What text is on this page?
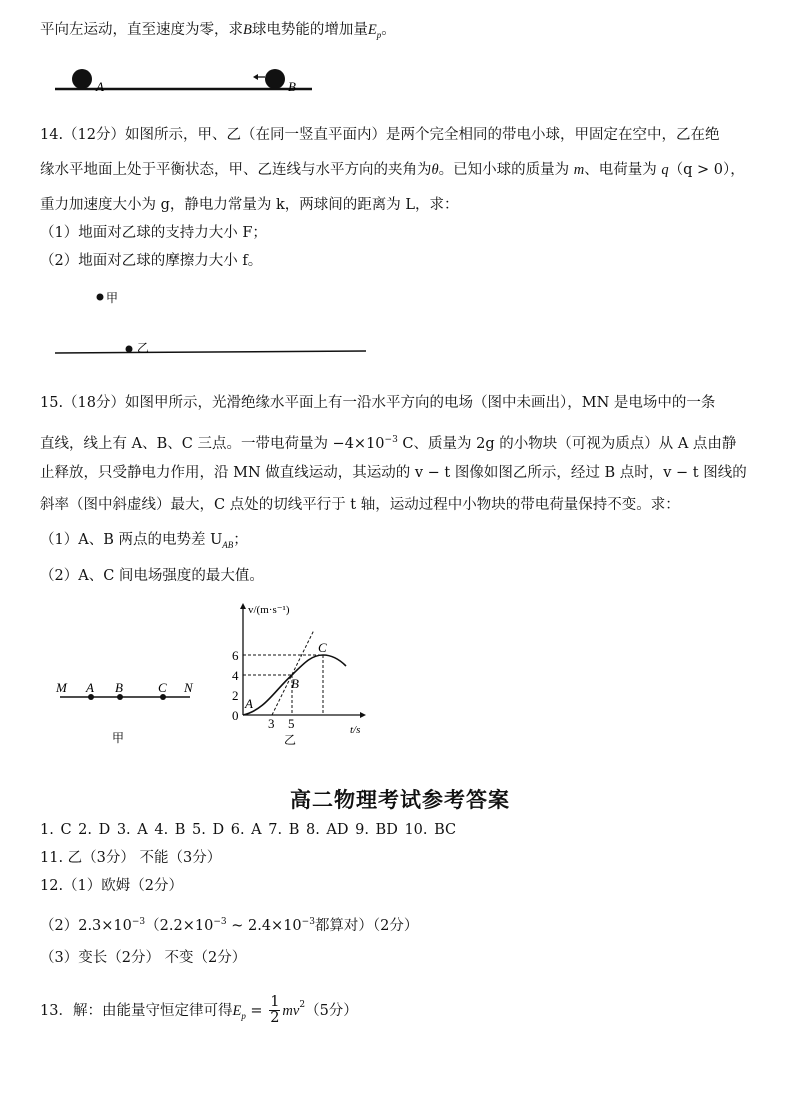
平向左运动，直至速度为零，求B球电势能的增加量$E_p$。
14.（12分）如图所示，甲、乙（在同一竖直平面内）是两个完全相同的带电小球，甲固定在空中，乙在绝
缘水平地面上处于平衡状态，甲、乙连线与水平方向的夹角为θ。已知小球的质量为 m、电荷量为 q（q > 0），
重力加速度大小为 g，静电力常量为 k，两球间的距离为 L，求：
（1）地面对乙球的支持力大小 F；
（2）地面对乙球的摩擦力大小 f。
15.（18分）如图甲所示，光滑绝缘水平面上有一沿水平方向的电场（图中未画出），MN 是电场中的一条
直线，线上有 A、B、C 三点。一带电荷量为 $-4\times 10^{-3}$ C、质量为 2g 的小物块（可视为质点）从 A 点由静
止释放，只受静电力作用，沿 MN 做直线运动，其运动的 v − t 图像如图乙所示，经过 B 点时，v − t 图线的
斜率（图中斜虚线）最大，C 点处的切线平行于 t 轴，运动过程中小物块的带电荷量保持不变。求：
（1）A、B 两点的电势差 $U_{AB}$；
（2）A、C 间电场强度的最大值。
A	B
甲
乙
M A B	C N
甲
v/(m·s⁻¹)
t/s
6
4
2
0
3 5
A
B
C
乙
高二物理考试参考答案
1. C 2. D 3. A 4. B 5. D 6. A 7. B 8. AD 9. BD 10. BC
11. 乙（3分） 不能（3分）
12.（1）欧姆（2分）
$(2)2.3\times 10^{-3}(2.2\times 10^{-3}$ ~ $2.4\times 10^{-3}$都算对）（2分）
（3）变长（2分） 不变（2分）
13．解：由能量守恒定律可得 $E_p = \frac{1}{2} mv^2$ （5分）
